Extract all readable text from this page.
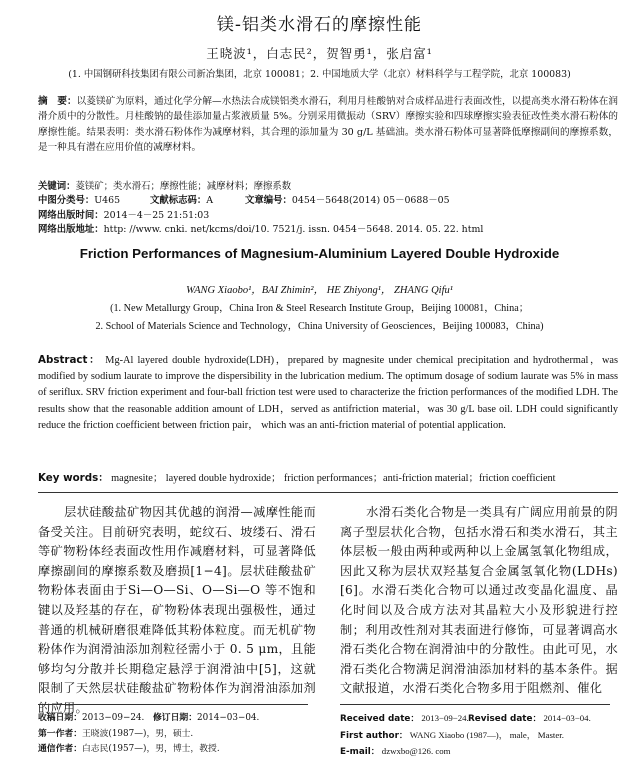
镁-铝类水滑石的摩擦性能
王晓波¹，白志民²，贺智勇¹，张启富¹
(1. 中国钢研科技集团有限公司新冶集团，北京 100081；2. 中国地质大学（北京）材料科学与工程学院，北京 100083)
摘　要：以菱镁矿为原料，通过化学分解—水热法合成镁铝类水滑石，利用月桂酸钠对合成样品进行表面改性，以提高类水滑石粉体在润滑介质中的分散性。月桂酸钠的最佳添加量占浆液质量 5%。分别采用微振动（SRV）摩擦实验和四球摩擦实验表征改性类水滑石粉体的摩擦性能。结果表明：类水滑石粉体作为减摩材料，其合理的添加量为 30 g/L 基础油。类水滑石粉体可显著降低摩擦副间的摩擦系数，是一种具有潜在应用价值的减摩材料。
关键词：菱镁矿；类水滑石；摩擦性能；减摩材料；摩擦系数
中图分类号：U465	文献标志码：A	文章编号：0454－5648(2014) 05－0688－05
网络出版时间：2014－4－25 21:51:03
网络出版地址：http: //www. cnki. net/kcms/doi/10. 7521/j. issn. 0454－5648. 2014. 05. 22. html
Friction Performances of Magnesium-Aluminium Layered Double Hydroxide
WANG Xiaobo¹，BAI Zhimin²， HE Zhiyong¹， ZHANG Qifu¹
(1. New Metallurgy Group，China Iron & Steel Research Institute Group，Beijing 100081，China；
2. School of Materials Science and Technology，China University of Geosciences，Beijing 100083，China)
Abstract： Mg-Al layered double hydroxide(LDH)，prepared by magnesite under chemical precipitation and hydrothermal，was modified by sodium laurate to improve the dispersibility in the lubrication medium. The optimum dosage of sodium laurate was 5% in mass of seriflux. SRV friction experiment and four-ball friction test were used to characterize the friction performances of the modified LDH. The results show that the reasonable addition amount of LDH，served as antifriction material，was 30 g/L base oil. LDH could significantly reduce the friction coefficient between friction pair， which was an anti-friction material of potential application.
Key words： magnesite； layered double hydroxide； friction performances；anti-friction material；friction coefficient
层状硅酸盐矿物因其优越的润滑—减摩性能而备受关注。目前研究表明，蛇纹石、坡缕石、滑石等矿物粉体经表面改性用作减磨材料，可显著降低摩擦副间的摩擦系数及磨损[1−4]。层状硅酸盐矿物粉体表面由于Si—O—Si、O—Si—O 等不饱和键以及羟基的存在，矿物粉体表现出强极性，通过普通的机械研磨很难降低其粉体粒度。而无机矿物粉体作为润滑油添加剂粒径需小于 0. 5 μm，且能够均匀分散并长期稳定悬浮于润滑油中[5]，这就限制了天然层状硅酸盐矿物粉体作为润滑油添加剂的应用。
水滑石类化合物是一类具有广阔应用前景的阴离子型层状化合物，包括水滑石和类水滑石，其主体层板一般由两种或两种以上金属氢氧化物组成，因此又称为层状双羟基复合金属氢氧化物(LDHs)[6]。水滑石类化合物可以通过改变晶化温度、晶化时间以及合成方法对其晶粒大小及形貌进行控制；利用改性剂对其表面进行修饰，可显著调高水滑石类化合物在润滑油中的分散性。由此可见，水滑石类化合物满足润滑油添加材料的基本条件。据文献报道，水滑石类化合物多用于阻燃剂、催化
收稿日期：2013−09−24. 修订日期：2014−03−04.
第一作者：王晓波(1987—)，男，硕士.
通信作者：白志民(1957—)，男，博士，教授.
Received date： 2013−09−24. Revised date： 2014−03−04.
First author： WANG Xiaobo (1987—)， male， Master.
E-mail： dzwxbo@126. com
